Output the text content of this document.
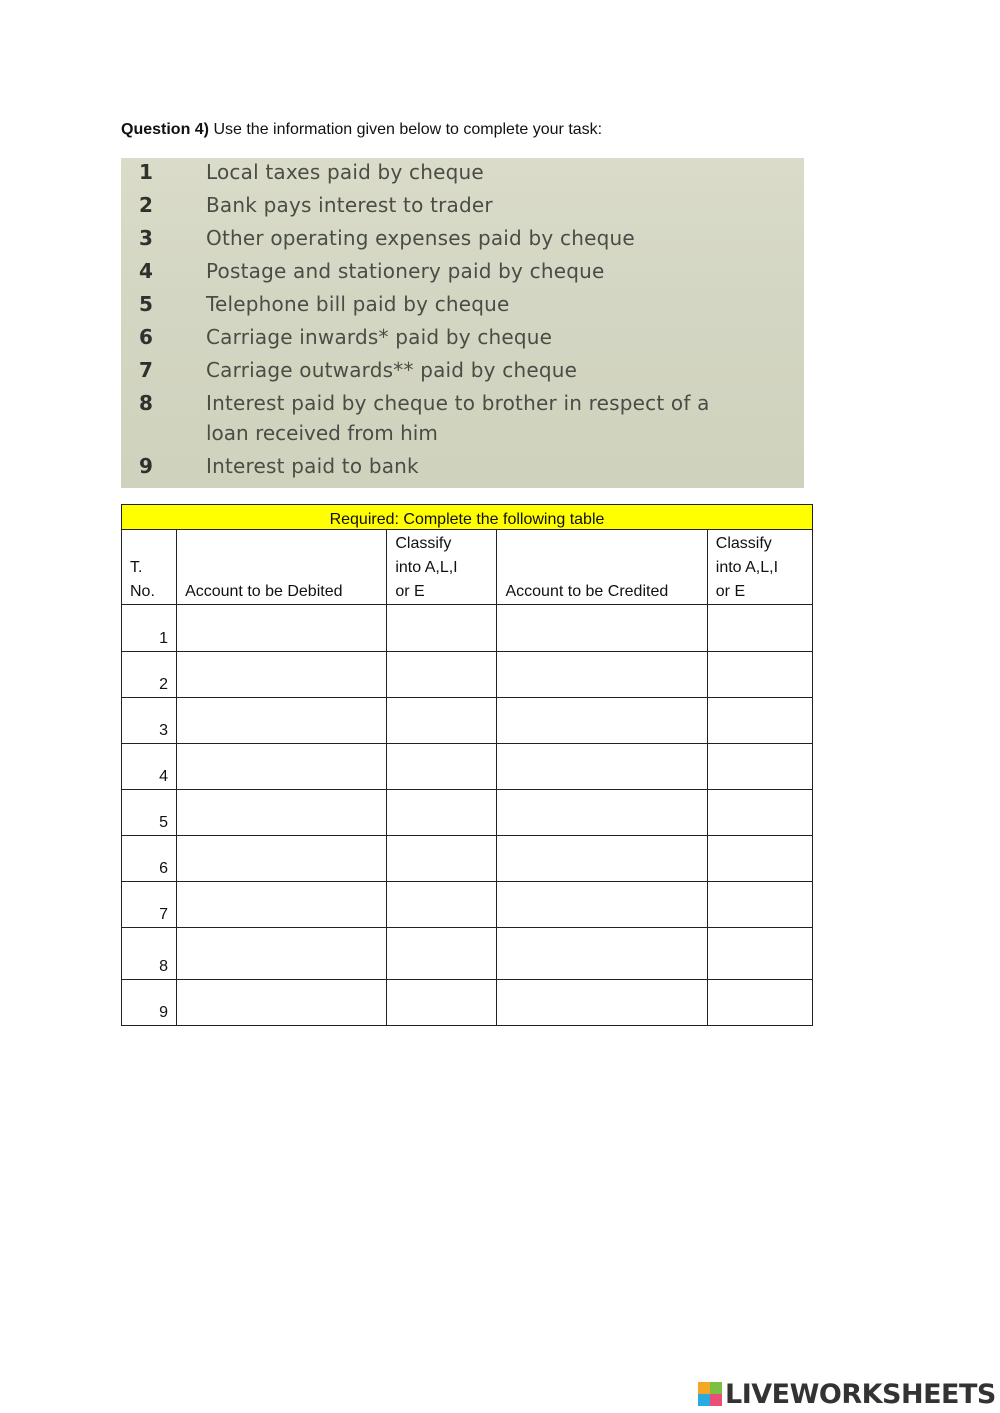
Question 4) Use the information given below to complete your task:
1	Local taxes paid by cheque
2	Bank pays interest to trader
3	Other operating expenses paid by cheque
4	Postage and stationery paid by cheque
5	Telephone bill paid by cheque
6	Carriage inwards* paid by cheque
7	Carriage outwards** paid by cheque
8	Interest paid by cheque to brother in respect of a
loan received from him
9	Interest paid to bank
Required: Complete the following table				
T.
No.	Account to be Debited	Classify
into A,L,I
or E	Account to be Credited	Classify
into A,L,I
or E
1				
2				
3				
4				
5				
6				
7				
8				
9				
LIVEWORKSHEETS
